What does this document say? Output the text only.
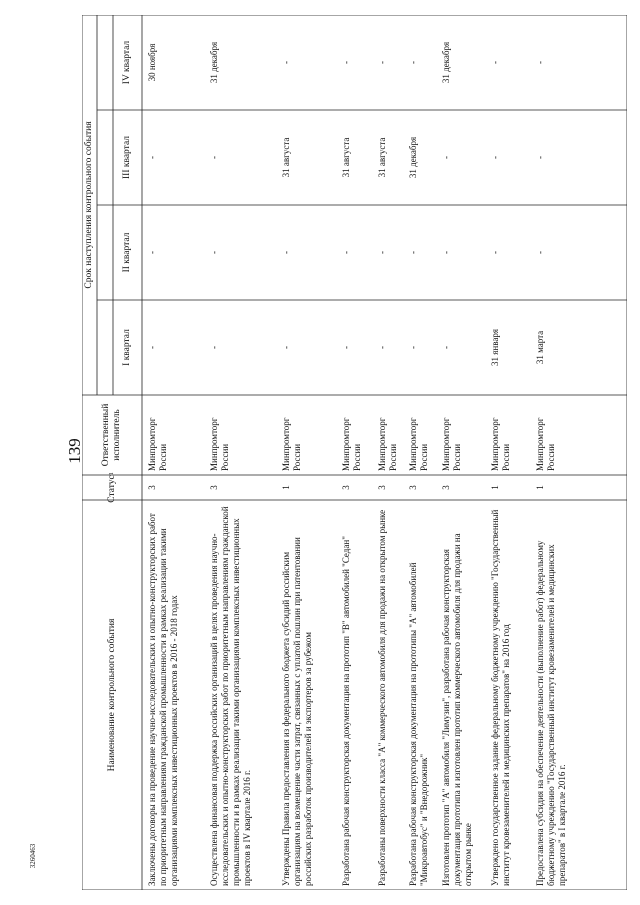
139
3260463
Наименование контрольного события
Статус
1
Ответственный исполнитель
Срок наступления контрольного события
I квартал
II квартал
III квартал
IV квартал
Заключены договоры на проведение научно-исследовательских и опытно-конструкторских работ по приоритетным направлениям гражданской промышленности в рамках реализации такими организациями комплексных инвестиционных проектов в 2016 - 2018 годах
3
Минпромторг России
-
-
-
30 ноября
Осуществлена финансовая поддержка российских организаций в целях проведения научно-исследовательских и опытно-конструкторских работ по приоритетным направлениям гражданской промышленности и в рамках реализации такими организациями комплексных инвестиционных проектов в IV квартале 2016 г.
3
Минпромторг России
-
-
-
31 декабря
Утверждены Правила предоставления из федерального бюджета субсидий российским организациям на возмещение части затрат, связанных с уплатой пошлин при патентовании российских разработок производителей и экспортеров за рубежом
1
Минпромторг России
-
-
31 августа
-
Разработана рабочая конструкторская документация на прототип "В" автомобилей "Седан"
3
Минпромторг России
-
-
31 августа
-
Разработаны поверхности класса "А" коммерческого автомобиля для продажи на открытом рынке
3
Минпромторг России
-
-
31 августа
-
Разработана рабочая конструкторская документация на прототипы "А" автомобилей "Микроавтобус" и "Внедорожник"
3
Минпромторг России
-
-
31 декабря
-
Изготовлен прототип "А" автомобиля "Лимузин", разработана рабочая конструкторская документация прототипа и изготовлен прототип коммерческого автомобиля для продажи на открытом рынке
3
Минпромторг России
-
-
-
31 декабря
Утверждено государственное задание федеральному бюджетному учреждению "Государственный институт кровезаменителей и медицинских препаратов" на 2016 год
1
Минпромторг России
31 января
-
-
-
Предоставлена субсидия на обеспечение деятельности (выполнение работ) федеральному бюджетному учреждению "Государственный институт кровезаменителей и медицинских препаратов" в I квартале 2016 г.
1
Минпромторг России
31 марта
-
-
-
